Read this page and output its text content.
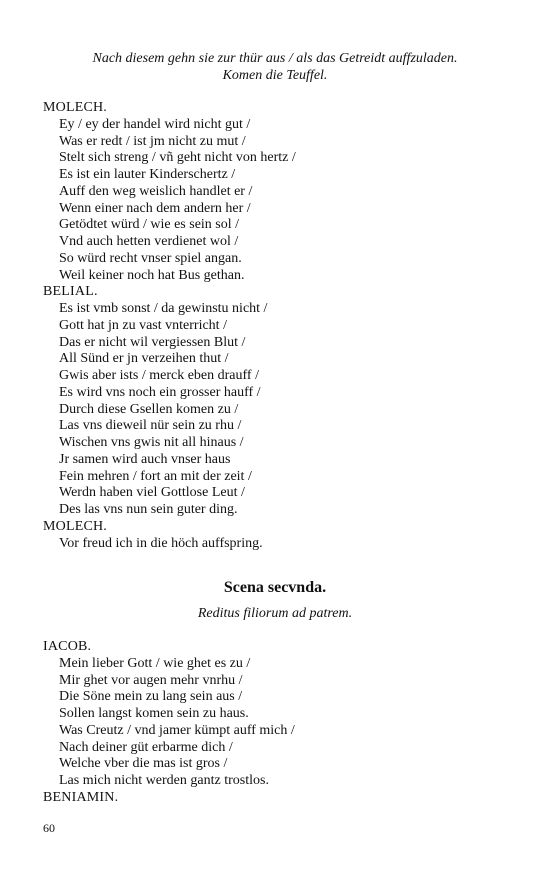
Nach diesem gehn sie zur thür aus / als das Getreidt auffzuladen.
Komen die Teuffel.
MOLECH.
Ey / ey der handel wird nicht gut /
Was er redt / ist jm nicht zu mut /
Stelt sich streng / vñ geht nicht von hertz /
Es ist ein lauter Kinderschertz /
Auff den weg weislich handlet er /
Wenn einer nach dem andern her /
Getödtet würd / wie es sein sol /
Vnd auch hetten verdienet wol /
So würd recht vnser spiel angan.
Weil keiner noch hat Bus gethan.
BELIAL.
Es ist vmb sonst / da gewinstu nicht /
Gott hat jn zu vast vnterricht /
Das er nicht wil vergiessen Blut /
All Sünd er jn verzeihen thut /
Gwis aber ists / merck eben drauff /
Es wird vns noch ein grosser hauff /
Durch diese Gsellen komen zu /
Las vns dieweil nür sein zu rhu /
Wischen vns gwis nit all hinaus /
Jr samen wird auch vnser haus
Fein mehren / fort an mit der zeit /
Werdn haben viel Gottlose Leut /
Des las vns nun sein guter ding.
MOLECH.
Vor freud ich in die höch auffspring.
Scena secvnda.
Reditus filiorum ad patrem.
IACOB.
Mein lieber Gott / wie ghet es zu /
Mir ghet vor augen mehr vnrhu /
Die Söne mein zu lang sein aus /
Sollen langst komen sein zu haus.
Was Creutz / vnd jamer kümpt auff mich /
Nach deiner güt erbarme dich /
Welche vber die mas ist gros /
Las mich nicht werden gantz trostlos.
BENIAMIN.
60
